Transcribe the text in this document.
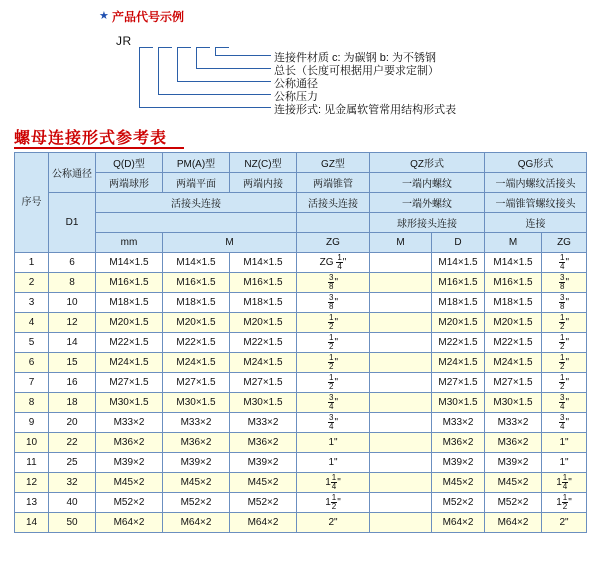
★ 产品代号示例
JR
连接件材质 c: 为碳钢 b: 为不锈钢
总长（长度可根据用户要求定制）
公称通径
公称压力
连接形式: 见金属软管常用结构形式表
螺母连接形式参考表
序号	公称通径	Q(D)型	PM(A)型	NZ(C)型	GZ型	QZ形式		QG形式	
		两端球形	两端平面	两端内接	两端锥管	一端内螺纹		一端内螺纹活接头	
	D1	活接头连接			活接头连接	一端外螺纹		一端锥管螺纹接头	
						球形接头连接		连接	
		mm	M		ZG	M	D	M	ZG
1	6	M14×1.5	M14×1.5	M14×1.5	ZG $\frac{1}{4}$ "		M14×1.5	M14×1.5	$\frac{1}{4}$ "
2	8	M16×1.5	M16×1.5	M16×1.5	$\frac{3}{8}$ "		M16×1.5	M16×1.5	$\frac{3}{8}$ "
3	10	M18×1.5	M18×1.5	M18×1.5	$\frac{3}{8}$ "		M18×1.5	M18×1.5	$\frac{3}{8}$ "
4	12	M20×1.5	M20×1.5	M20×1.5	$\frac{1}{2}$ "		M20×1.5	M20×1.5	$\frac{1}{2}$ "
5	14	M22×1.5	M22×1.5	M22×1.5	$\frac{1}{2}$ "		M22×1.5	M22×1.5	$\frac{1}{2}$ "
6	15	M24×1.5	M24×1.5	M24×1.5	$\frac{1}{2}$ "		M24×1.5	M24×1.5	$\frac{1}{2}$ "
7	16	M27×1.5	M27×1.5	M27×1.5	$\frac{1}{2}$ "		M27×1.5	M27×1.5	$\frac{1}{2}$ "
8	18	M30×1.5	M30×1.5	M30×1.5	$\frac{3}{4}$ "		M30×1.5	M30×1.5	$\frac{3}{4}$ "
9	20	M33×2	M33×2	M33×2	$\frac{3}{4}$ "		M33×2	M33×2	$\frac{3}{4}$ "
10	22	M36×2	M36×2	M36×2	1"		M36×2	M36×2	1"
11	25	M39×2	M39×2	M39×2	1"		M39×2	M39×2	1"
12	32	M45×2	M45×2	M45×2	$1 \frac{1}{4}$ "		M45×2	M45×2	$1 \frac{1}{4}$ "
13	40	M52×2	M52×2	M52×2	$1 \frac{1}{2}$ "		M52×2	M52×2	$1 \frac{1}{2}$ "
14	50	M64×2	M64×2	M64×2	2"		M64×2	M64×2	2"
